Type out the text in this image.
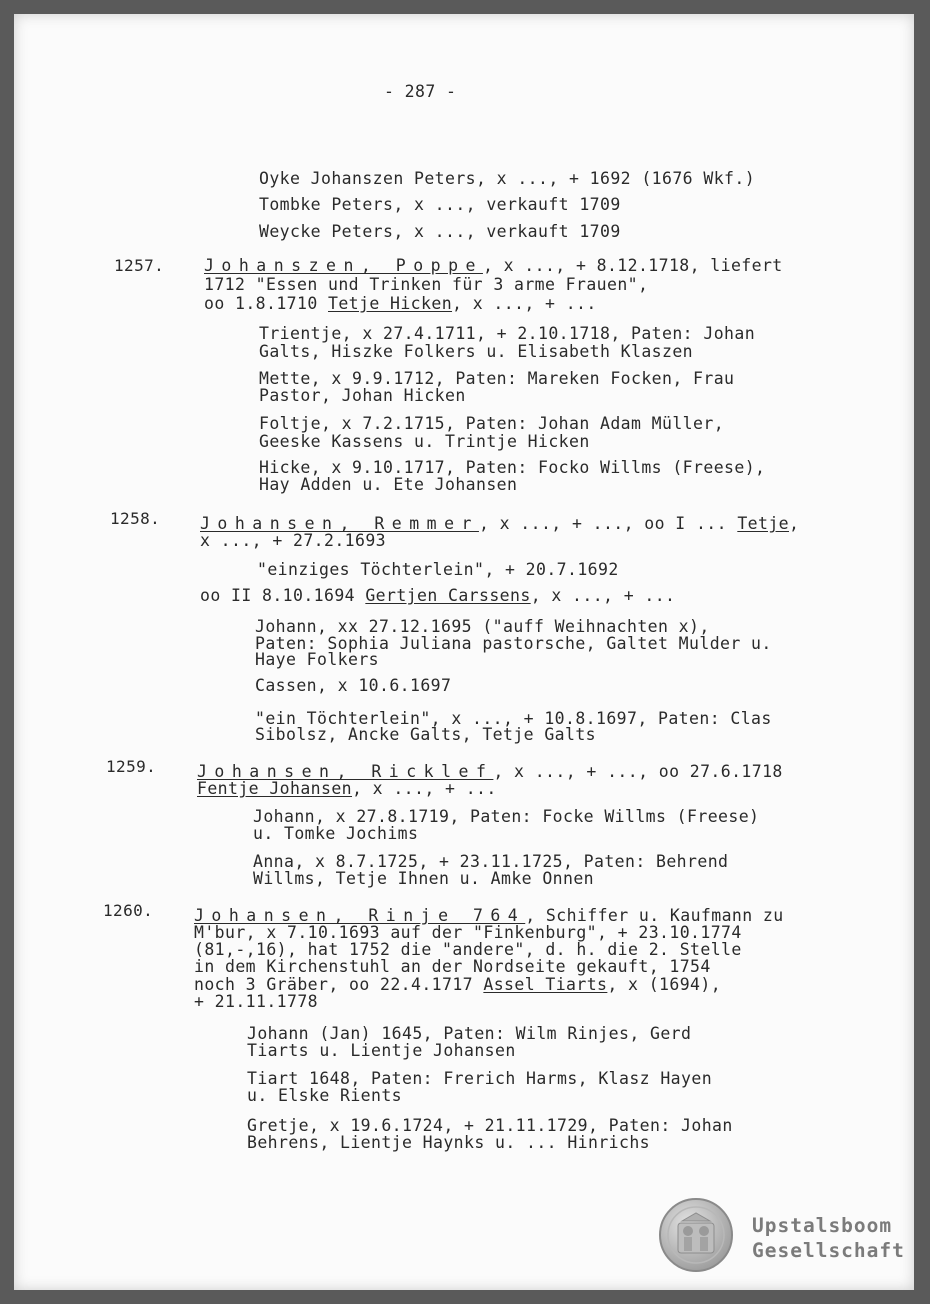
- 287 -
Oyke Johanszen Peters, x ..., + 1692 (1676 Wkf.)
Tombke Peters, x ..., verkauft 1709
Weycke Peters, x ..., verkauft 1709
1257. Johanszen, Poppe, x ..., + 8.12.1718, liefert
1712 "Essen und Trinken für 3 arme Frauen",
oo 1.8.1710 Tetje Hicken, x ..., + ...
Trientje, x 27.4.1711, + 2.10.1718, Paten: Johan
Galts, Hiszke Folkers u. Elisabeth Klaszen
Mette, x 9.9.1712, Paten: Mareken Focken, Frau
Pastor, Johan Hicken
Foltje, x 7.2.1715, Paten: Johan Adam Müller,
Geeske Kassens u. Trintje Hicken
Hicke, x 9.10.1717, Paten: Focko Willms (Freese),
Hay Adden u. Ete Johansen
1258. Johansen, Remmer, x ..., + ..., oo I ... Tetje,
x ..., + 27.2.1693
"einziges Töchterlein", + 20.7.1692
oo II 8.10.1694 Gertjen Carssens, x ..., + ...
Johann, xx 27.12.1695 ("auff Weihnachten x),
Paten: Sophia Juliana pastorsche, Galtet Mulder u.
Haye Folkers
Cassen, x 10.6.1697
"ein Töchterlein", x ..., + 10.8.1697, Paten: Clas
Sibolsz, Ancke Galts, Tetje Galts
1259. Johansen, Ricklef, x ..., + ..., oo 27.6.1718
Fentje Johansen, x ..., + ...
Johann, x 27.8.1719, Paten: Focke Willms (Freese)
u. Tomke Jochims
Anna, x 8.7.1725, + 23.11.1725, Paten: Behrend
Willms, Tetje Ihnen u. Amke Onnen
1260. Johansen, Rinje 764, Schiffer u. Kaufmann zu
M'bur, x 7.10.1693 auf der "Finkenburg", + 23.10.1774
(81,-,16), hat 1752 die "andere", d. h. die 2. Stelle
in dem Kirchenstuhl an der Nordseite gekauft, 1754
noch 3 Gräber, oo 22.4.1717 Assel Tiarts, x (1694),
+ 21.11.1778
Johann (Jan) 1645, Paten: Wilm Rinjes, Gerd
Tiarts u. Lientje Johansen
Tiart 1648, Paten: Frerich Harms, Klasz Hayen
u. Elske Rients
Gretje, x 19.6.1724, + 21.11.1729, Paten: Johan
Behrens, Lientje Haynks u. ... Hinrichs
Upstalsboom
Gesellschaft
